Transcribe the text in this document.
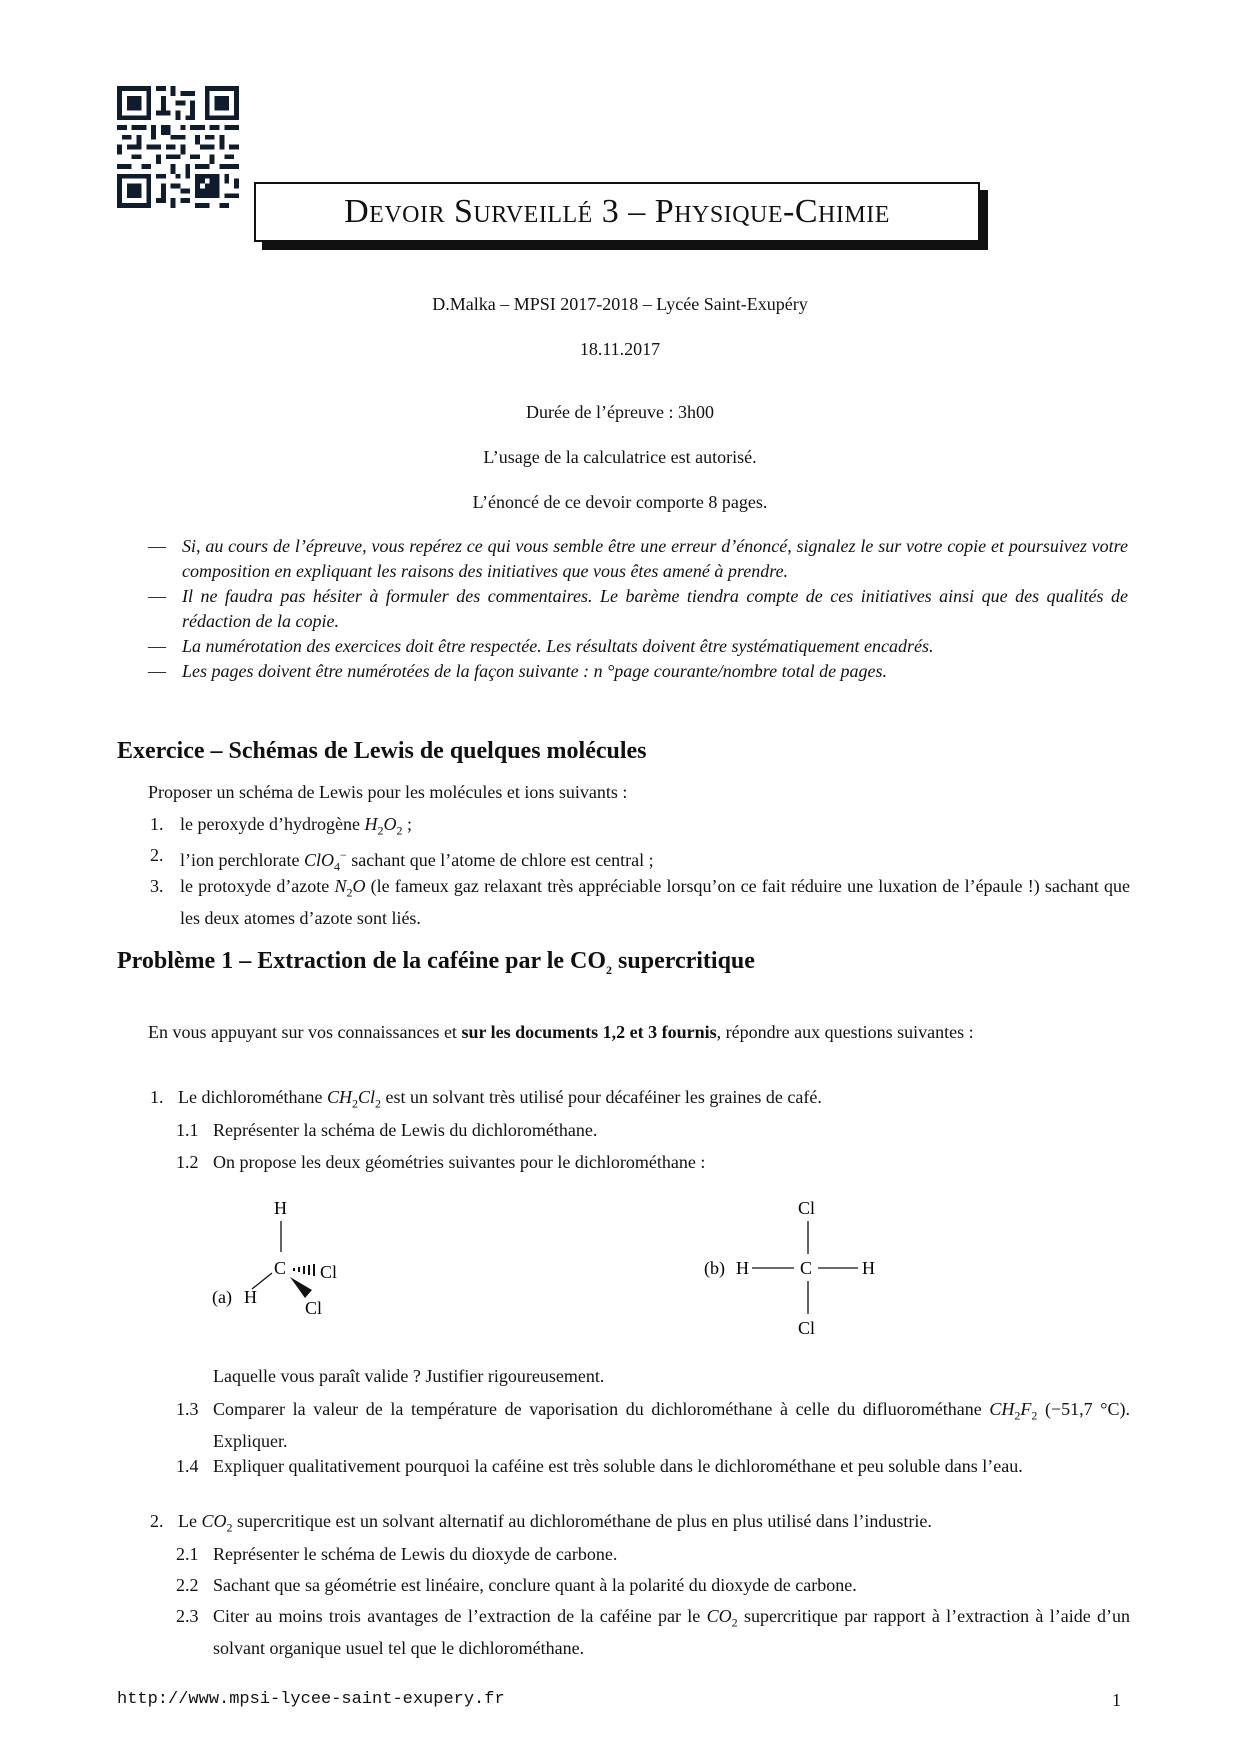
Devoir Surveillé 3 – Physique-Chimie
D.Malka – MPSI 2017-2018 – Lycée Saint-Exupéry
18.11.2017
Durée de l’épreuve : 3h00
L’usage de la calculatrice est autorisé.
L’énoncé de ce devoir comporte 8 pages.

— Si, au cours de l’épreuve, vous repérez ce qui vous semble être une erreur d’énoncé, signalez le sur votre copie et poursuivez votre composition en expliquant les raisons des initiatives que vous êtes amené à prendre.

— Il ne faudra pas hésiter à formuler des commentaires. Le barème tiendra compte de ces initiatives ainsi que des qualités de rédaction de la copie.

— La numérotation des exercices doit être respectée. Les résultats doivent être systématiquement encadrés.

— Les pages doivent être numérotées de la façon suivante : n °page courante/nombre total de pages.

Exercice – Schémas de Lewis de quelques molécules
Proposer un schéma de Lewis pour les molécules et ions suivants :
1. le peroxyde d’hydrogène $H_2O_2$ ;
2. l’ion perchlorate ClO$_4$− sachant que l’atome de chlore est central ;
3. le protoxyde d’azote $N_2O$ (le fameux gaz relaxant très appréciable lorsqu’on ce fait réduire une luxation de l’épaule !) sachant que les deux atomes d’azote sont liés.
Problème 1 – Extraction de la caféine par le $CO_2$ supercritique
En vous appuyant sur vos connaissances et sur les documents 1,2 et 3 fournis, répondre aux questions suivantes :
1. Le dichlorométhane $CH_2Cl_2$ est un solvant très utilisé pour décaféiner les graines de café.
1.1 Représenter la schéma de Lewis du dichlorométhane.
1.2 On propose les deux géométries suivantes pour le dichlorométhane :
H
C
(a) H
Cl
Cl
Cl
(b) H	C	H
Cl
Laquelle vous paraît valide ? Justifier rigoureusement.
1.3 Comparer la valeur de la température de vaporisation du dichlorométhane à celle du difluorométhane $CH_2F_2$ (−51,7 °C). Expliquer.
1.4 Expliquer qualitativement pourquoi la caféine est très soluble dans le dichlorométhane et peu soluble dans l’eau.
2. Le $CO_2$ supercritique est un solvant alternatif au dichlorométhane de plus en plus utilisé dans l’industrie.
2.1 Représenter le schéma de Lewis du dioxyde de carbone.
2.2 Sachant que sa géométrie est linéaire, conclure quant à la polarité du dioxyde de carbone.
2.3 Citer au moins trois avantages de l’extraction de la caféine par le $CO_2$ supercritique par rapport à l’extraction à l’aide d’un solvant organique usuel tel que le dichlorométhane.
http://www.mpsi-lycee-saint-exupery.fr	1
